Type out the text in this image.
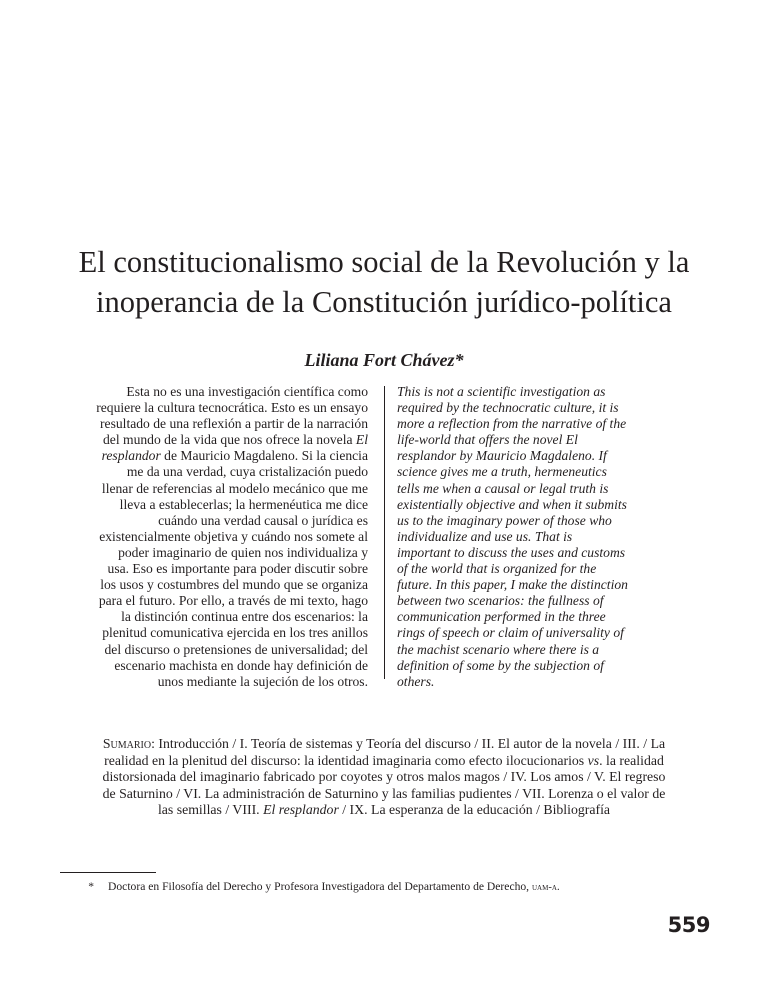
El constitucionalismo social de la Revolución y la inoperancia de la Constitución jurídico-política

Liliana Fort Chávez*

Esta no es una investigación científica como requiere la cultura tecnocrática. Esto es un ensayo resultado de una reflexión a partir de la narración del mundo de la vida que nos ofrece la novela El resplandor de Mauricio Magdaleno. Si la ciencia me da una verdad, cuya cristalización puedo llenar de referencias al modelo mecánico que me lleva a establecerlas; la hermenéutica me dice cuándo una verdad causal o jurídica es existencialmente objetiva y cuándo nos somete al poder imaginario de quien nos individualiza y usa. Eso es importante para poder discutir sobre los usos y costumbres del mundo que se organiza para el futuro. Por ello, a través de mi texto, hago la distinción continua entre dos escenarios: la plenitud comunicativa ejercida en los tres anillos del discurso o pretensiones de universalidad; del escenario machista en donde hay definición de unos mediante la sujeción de los otros.

This is not a scientific investigation as required by the technocratic culture, it is more a reflection from the narrative of the life-world that offers the novel El resplandor by Mauricio Magdaleno. If science gives me a truth, hermeneutics tells me when a causal or legal truth is existentially objective and when it submits us to the imaginary power of those who individualize and use us. That is important to discuss the uses and customs of the world that is organized for the future. In this paper, I make the distinction between two scenarios: the fullness of communication performed in the three rings of speech or claim of universality of the machist scenario where there is a definition of some by the subjection of others.

Sumario: Introducción / I. Teoría de sistemas y Teoría del discurso / II. El autor de la novela / III. / La realidad en la plenitud del discurso: la identidad imaginaria como efecto ilocucionarios vs. la realidad distorsionada del imaginario fabricado por coyotes y otros malos magos / IV. Los amos / V. El regreso de Saturnino / VI. La administración de Saturnino y las familias pudientes / VII. Lorenza o el valor de las semillas / VIII. El resplandor / IX. La esperanza de la educación / Bibliografía

* Doctora en Filosofía del Derecho y Profesora Investigadora del Departamento de Derecho, uam-a.

559
